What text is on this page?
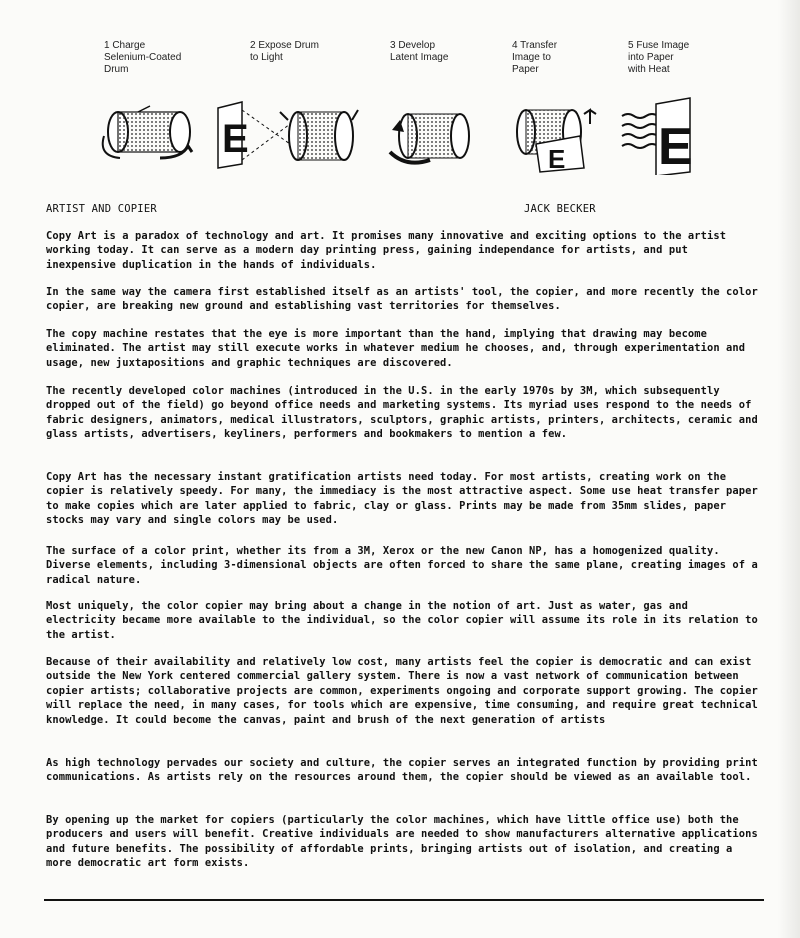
1 Charge
Selenium-Coated
Drum
2 Expose Drum
to Light
3 Develop
Latent Image
4 Transfer
Image to
Paper
5 Fuse Image
into Paper
with Heat
E	E E
ARTIST AND COPIER	JACK BECKER

Copy Art is a paradox of technology and art. It promises many innovative and exciting options to the artist working today. It can serve as a modern day printing press, gaining independance for artists, and put inexpensive duplication in the hands of individuals.

In the same way the camera first established itself as an artists' tool, the copier, and more recently the color copier, are breaking new ground and establishing vast territories for themselves.

The copy machine restates that the eye is more important than the hand, implying that drawing may become eliminated. The artist may still execute works in whatever medium he chooses, and, through experimentation and usage, new juxtapositions and graphic techniques are discovered.

The recently developed color machines (introduced in the U.S. in the early 1970s by 3M, which subsequently dropped out of the field) go beyond office needs and marketing systems. Its myriad uses respond to the needs of fabric designers, animators, medical illustrators, sculptors, graphic artists, printers, architects, ceramic and glass artists, advertisers, keyliners, performers and bookmakers to mention a few.

Copy Art has the necessary instant gratification artists need today. For most artists, creating work on the copier is relatively speedy. For many, the immediacy is the most attractive aspect. Some use heat transfer paper to make copies which are later applied to fabric, clay or glass. Prints may be made from 35mm slides, paper stocks may vary and single colors may be used.

The surface of a color print, whether its from a 3M, Xerox or the new Canon NP, has a homogenized quality. Diverse elements, including 3-dimensional objects are often forced to share the same plane, creating images of a radical nature.

Most uniquely, the color copier may bring about a change in the notion of art. Just as water, gas and electricity became more available to the individual, so the color copier will assume its role in its relation to the artist.

Because of their availability and relatively low cost, many artists feel the copier is democratic and can exist outside the New York centered commercial gallery system. There is now a vast network of communication between copier artists; collaborative projects are common, experiments ongoing and corporate support growing. The copier will replace the need, in many cases, for tools which are expensive, time consuming, and require great technical knowledge. It could become the canvas, paint and brush of the next generation of artists

As high technology pervades our society and culture, the copier serves an integrated function by providing print communications. As artists rely on the resources around them, the copier should be viewed as an available tool.

By opening up the market for copiers (particularly the color machines, which have little office use) both the producers and users will benefit. Creative individuals are needed to show manufacturers alternative applications and future benefits. The possibility of affordable prints, bringing artists out of isolation, and creating a more democratic art form exists.
